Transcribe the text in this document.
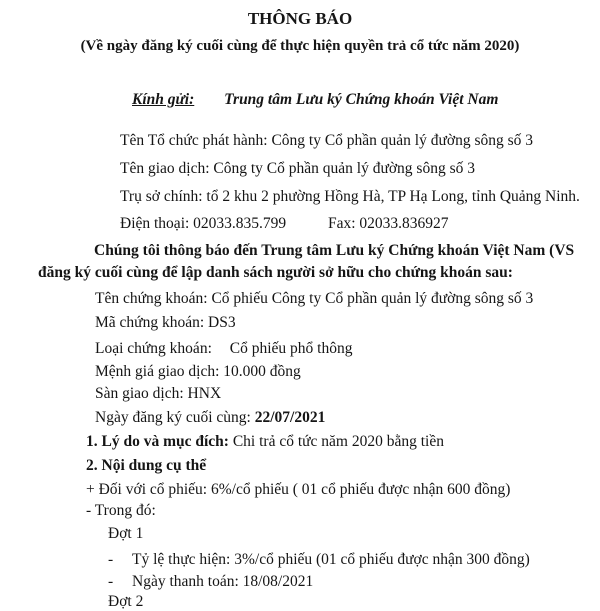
THÔNG BÁO
(Về ngày đăng ký cuối cùng để thực hiện quyền trả cổ tức năm 2020)
Kính gửi: Trung tâm Lưu ký Chứng khoán Việt Nam
Tên Tổ chức phát hành: Công ty Cổ phần quản lý đường sông số 3
Tên giao dịch: Công ty Cổ phần quản lý đường sông số 3
Trụ sở chính: tổ 2 khu 2 phường Hồng Hà, TP Hạ Long, tỉnh Quảng Ninh.
Điện thoại: 02033.835.799	Fax: 02033.836927
Chúng tôi thông báo đến Trung tâm Lưu ký Chứng khoán Việt Nam (VS
đăng ký cuối cùng để lập danh sách người sở hữu cho chứng khoán sau:
Tên chứng khoán: Cổ phiếu Công ty Cổ phần quản lý đường sông số 3
Mã chứng khoán: DS3
Loại chứng khoán: Cổ phiếu phổ thông
Mệnh giá giao dịch: 10.000 đồng
Sàn giao dịch: HNX
Ngày đăng ký cuối cùng: 22/07/2021
1. Lý do và mục đích: Chi trả cổ tức năm 2020 bằng tiền
2. Nội dung cụ thể
+ Đối với cổ phiếu: 6%/cổ phiếu ( 01 cổ phiếu được nhận 600 đồng)
- Trong đó:
Đợt 1
- Tỷ lệ thực hiện: 3%/cổ phiếu (01 cổ phiếu được nhận 300 đồng)
- Ngày thanh toán: 18/08/2021
Đợt 2
